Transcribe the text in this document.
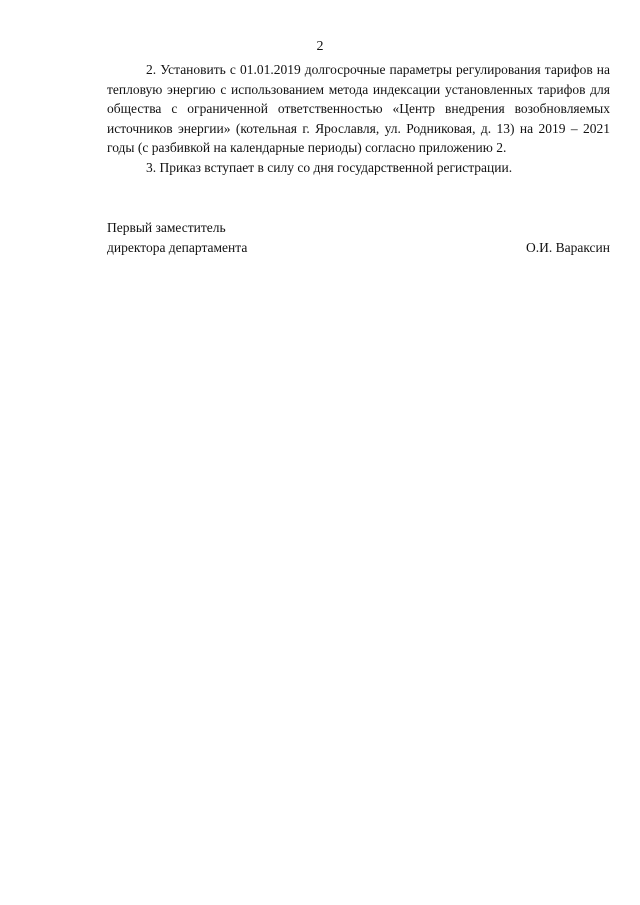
2

2. Установить с 01.01.2019 долгосрочные параметры регулирования тарифов на тепловую энергию с использованием метода индексации установленных тарифов для общества с ограниченной ответственностью «Центр внедрения возобновляемых источников энергии» (котельная г. Ярославля, ул. Родниковая, д. 13) на 2019 – 2021 годы (с разбивкой на календарные периоды) согласно приложению 2.

3. Приказ вступает в силу со дня государственной регистрации.

Первый заместитель
директора департамента	О.И. Вараксин
